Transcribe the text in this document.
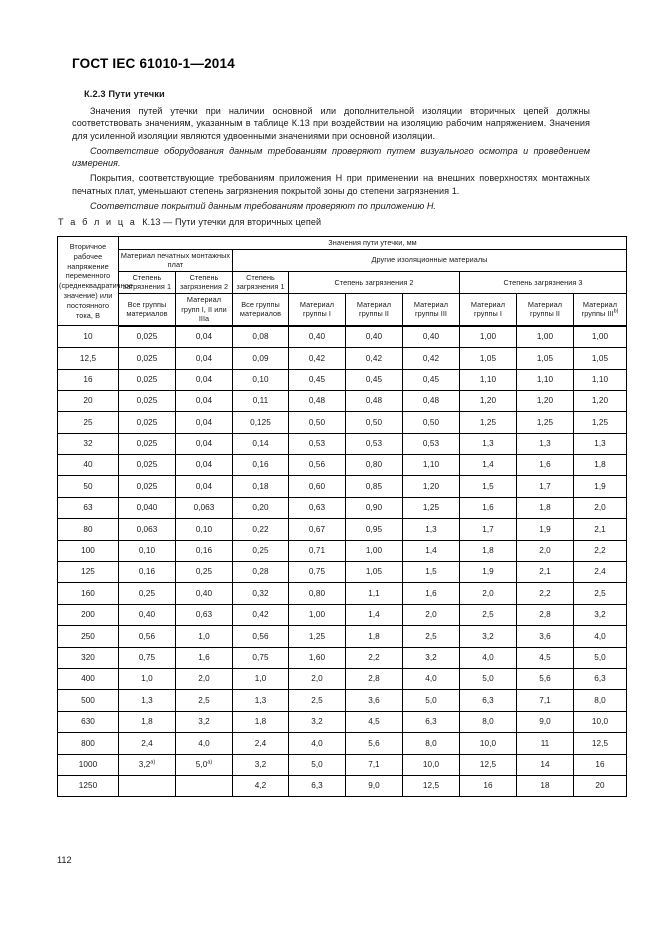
ГОСТ IEC 61010-1—2014
К.2.3 Пути утечки

Значения путей утечки при наличии основной или дополнительной изоляции вторичных цепей должны соответствовать значениям, указанным в таблице К.13 при воздействии на изоляцию рабочим напряжением. Значения для усиленной изоляции являются удвоенными значениями при основной изоляции.

Соответствие оборудования данным требованиям проверяют путем визуального осмотра и проведением измерения.

Покрытия, соответствующие требованиям приложения Н при применении на внешних поверхностях монтажных печатных плат, уменьшают степень загрязнения покрытой зоны до степени загрязнения 1.

Соответствие покрытий данным требованиям проверяют по приложению Н.

Т а б л и ц а К.13 — Пути утечки для вторичных цепей
Вторичное рабочее напряжение переменного (среднеквадратичное значение) или постоянного тока, В	Значения пути утечки, мм								
	Материал печатных монтажных плат		Другие изоляционные материалы						
	Степень загрязнения 1	Степень загрязнения 2	Степень загрязнения 1	Степень загрязнения 2			Степень загрязнения 3		
	Все группы материалов	Материал групп I, II или IIIa	Все группы материалов	Материал группы I	Материал группы II	Материал группы III	Материал группы I	Материал группы II	Материал группы III$^{b)}$
10	0,025	0,04	0,08	0,40	0,40	0,40	1,00	1,00	1,00
12,5	0,025	0,04	0,09	0,42	0,42	0,42	1,05	1,05	1,05
16	0,025	0,04	0,10	0,45	0,45	0,45	1,10	1,10	1,10
20	0,025	0,04	0,11	0,48	0,48	0,48	1,20	1,20	1,20
25	0,025	0,04	0,125	0,50	0,50	0,50	1,25	1,25	1,25
32	0,025	0,04	0,14	0,53	0,53	0,53	1,3	1,3	1,3
40	0,025	0,04	0,16	0,56	0,80	1,10	1,4	1,6	1,8
50	0,025	0,04	0,18	0,60	0,85	1,20	1,5	1,7	1,9
63	0,040	0,063	0,20	0,63	0,90	1,25	1,6	1,8	2,0
80	0,063	0,10	0,22	0,67	0,95	1,3	1,7	1,9	2,1
100	0,10	0,16	0,25	0,71	1,00	1,4	1,8	2,0	2,2
125	0,16	0,25	0,28	0,75	1,05	1,5	1,9	2,1	2,4
160	0,25	0,40	0,32	0,80	1,1	1,6	2,0	2,2	2,5
200	0,40	0,63	0,42	1,00	1,4	2,0	2,5	2,8	3,2
250	0,56	1,0	0,56	1,25	1,8	2,5	3,2	3,6	4,0
320	0,75	1,6	0,75	1,60	2,2	3,2	4,0	4,5	5,0
400	1,0	2,0	1,0	2,0	2,8	4,0	5,0	5,6	6,3
500	1,3	2,5	1,3	2,5	3,6	5,0	6,3	7,1	8,0
630	1,8	3,2	1,8	3,2	4,5	6,3	8,0	9,0	10,0
800	2,4	4,0	2,4	4,0	5,6	8,0	10,0	11	12,5
1000	3,2$^{a)}$	5,0$^{a)}$	3,2	5,0	7,1	10,0	12,5	14	16
1250			4,2	6,3	9,0	12,5	16	18	20
112
